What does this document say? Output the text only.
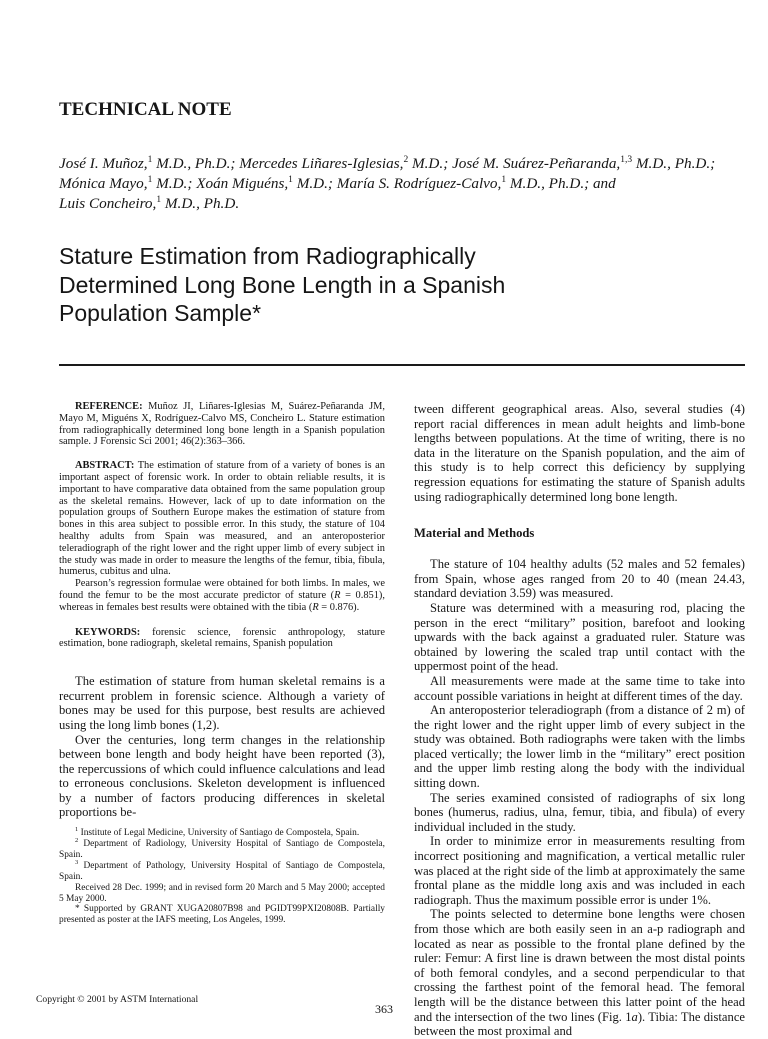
TECHNICAL NOTE

José I. Muñoz,$^1$ M.D., Ph.D.; Mercedes Liñares-Iglesias,$^2$ M.D.; José M. Suárez-Peñaranda,$^{1,3}$ M.D., Ph.D.;
Mónica Mayo,$^1$ M.D.; Xoán Miguéns,$^1$ M.D.; María S. Rodríguez-Calvo,$^1$ M.D., Ph.D.; and
Luis Concheiro,$^1$ M.D., Ph.D.

Stature Estimation from Radiographically
Determined Long Bone Length in a Spanish
Population Sample*

REFERENCE: Muñoz JI, Liñares-Iglesias M, Suárez-Peñaranda JM, Mayo M, Miguéns X, Rodríguez-Calvo MS, Concheiro L. Stature estimation from radiographically determined long bone length in a Spanish population sample. J Forensic Sci 2001; 46(2):363–366.

ABSTRACT: The estimation of stature from of a variety of bones is an important aspect of forensic work. In order to obtain reliable results, it is important to have comparative data obtained from the same population group as the skeletal remains. However, lack of up to date information on the population groups of Southern Europe makes the estimation of stature from bones in this area subject to possible error. In this study, the stature of 104 healthy adults from Spain was measured, and an anteroposterior teleradiograph of the right lower and the right upper limb of every subject in the study was made in order to measure the lengths of the femur, tibia, fibula, humerus, cubitus and ulna.

Pearson’s regression formulae were obtained for both limbs. In males, we found the femur to be the most accurate predictor of stature (R = 0.851), whereas in females best results were obtained with the tibia (R = 0.876).

KEYWORDS: forensic science, forensic anthropology, stature estimation, bone radiograph, skeletal remains, Spanish population

The estimation of stature from human skeletal remains is a recurrent problem in forensic science. Although a variety of bones may be used for this purpose, best results are achieved using the long limb bones (1,2).

Over the centuries, long term changes in the relationship between bone length and body height have been reported (3), the repercussions of which could influence calculations and lead to erroneous conclusions. Skeleton development is influenced by a number of factors producing differences in skeletal proportions be-

$^1$ Institute of Legal Medicine, University of Santiago de Compostela, Spain.

$^2$ Department of Radiology, University Hospital of Santiago de Compostela, Spain.

$^3$ Department of Pathology, University Hospital of Santiago de Compostela, Spain.

Received 28 Dec. 1999; and in revised form 20 March and 5 May 2000; accepted 5 May 2000.

* Supported by GRANT XUGA20807B98 and PGIDT99PXI20808B. Partially presented as poster at the IAFS meeting, Los Angeles, 1999.

tween different geographical areas. Also, several studies (4) report racial differences in mean adult heights and limb-bone lengths between populations. At the time of writing, there is no data in the literature on the Spanish population, and the aim of this study is to help correct this deficiency by supplying regression equations for estimating the stature of Spanish adults using radiographically determined long bone length.

Material and Methods

The stature of 104 healthy adults (52 males and 52 females) from Spain, whose ages ranged from 20 to 40 (mean 24.43, standard deviation 3.59) was measured.

Stature was determined with a measuring rod, placing the person in the erect “military” position, barefoot and looking upwards with the back against a graduated ruler. Stature was obtained by lowering the scaled trap until contact with the uppermost point of the head.

All measurements were made at the same time to take into account possible variations in height at different times of the day.

An anteroposterior teleradiograph (from a distance of 2 m) of the right lower and the right upper limb of every subject in the study was obtained. Both radiographs were taken with the limbs placed vertically; the lower limb in the “military” erect position and the upper limb resting along the body with the individual sitting down.

The series examined consisted of radiographs of six long bones (humerus, radius, ulna, femur, tibia, and fibula) of every individual included in the study.

In order to minimize error in measurements resulting from incorrect positioning and magnification, a vertical metallic ruler was placed at the right side of the limb at approximately the same frontal plane as the middle long axis and was included in each radiograph. Thus the maximum possible error is under 1%.

The points selected to determine bone lengths were chosen from those which are both easily seen in an a-p radiograph and located as near as possible to the frontal plane defined by the ruler: Femur: A first line is drawn between the most distal points of both femoral condyles, and a second perpendicular to that crossing the farthest point of the femoral head. The femoral length will be the distance between this latter point of the head and the intersection of the two lines (Fig. 1a). Tibia: The distance between the most proximal and

Copyright © 2001 by ASTM International

363
